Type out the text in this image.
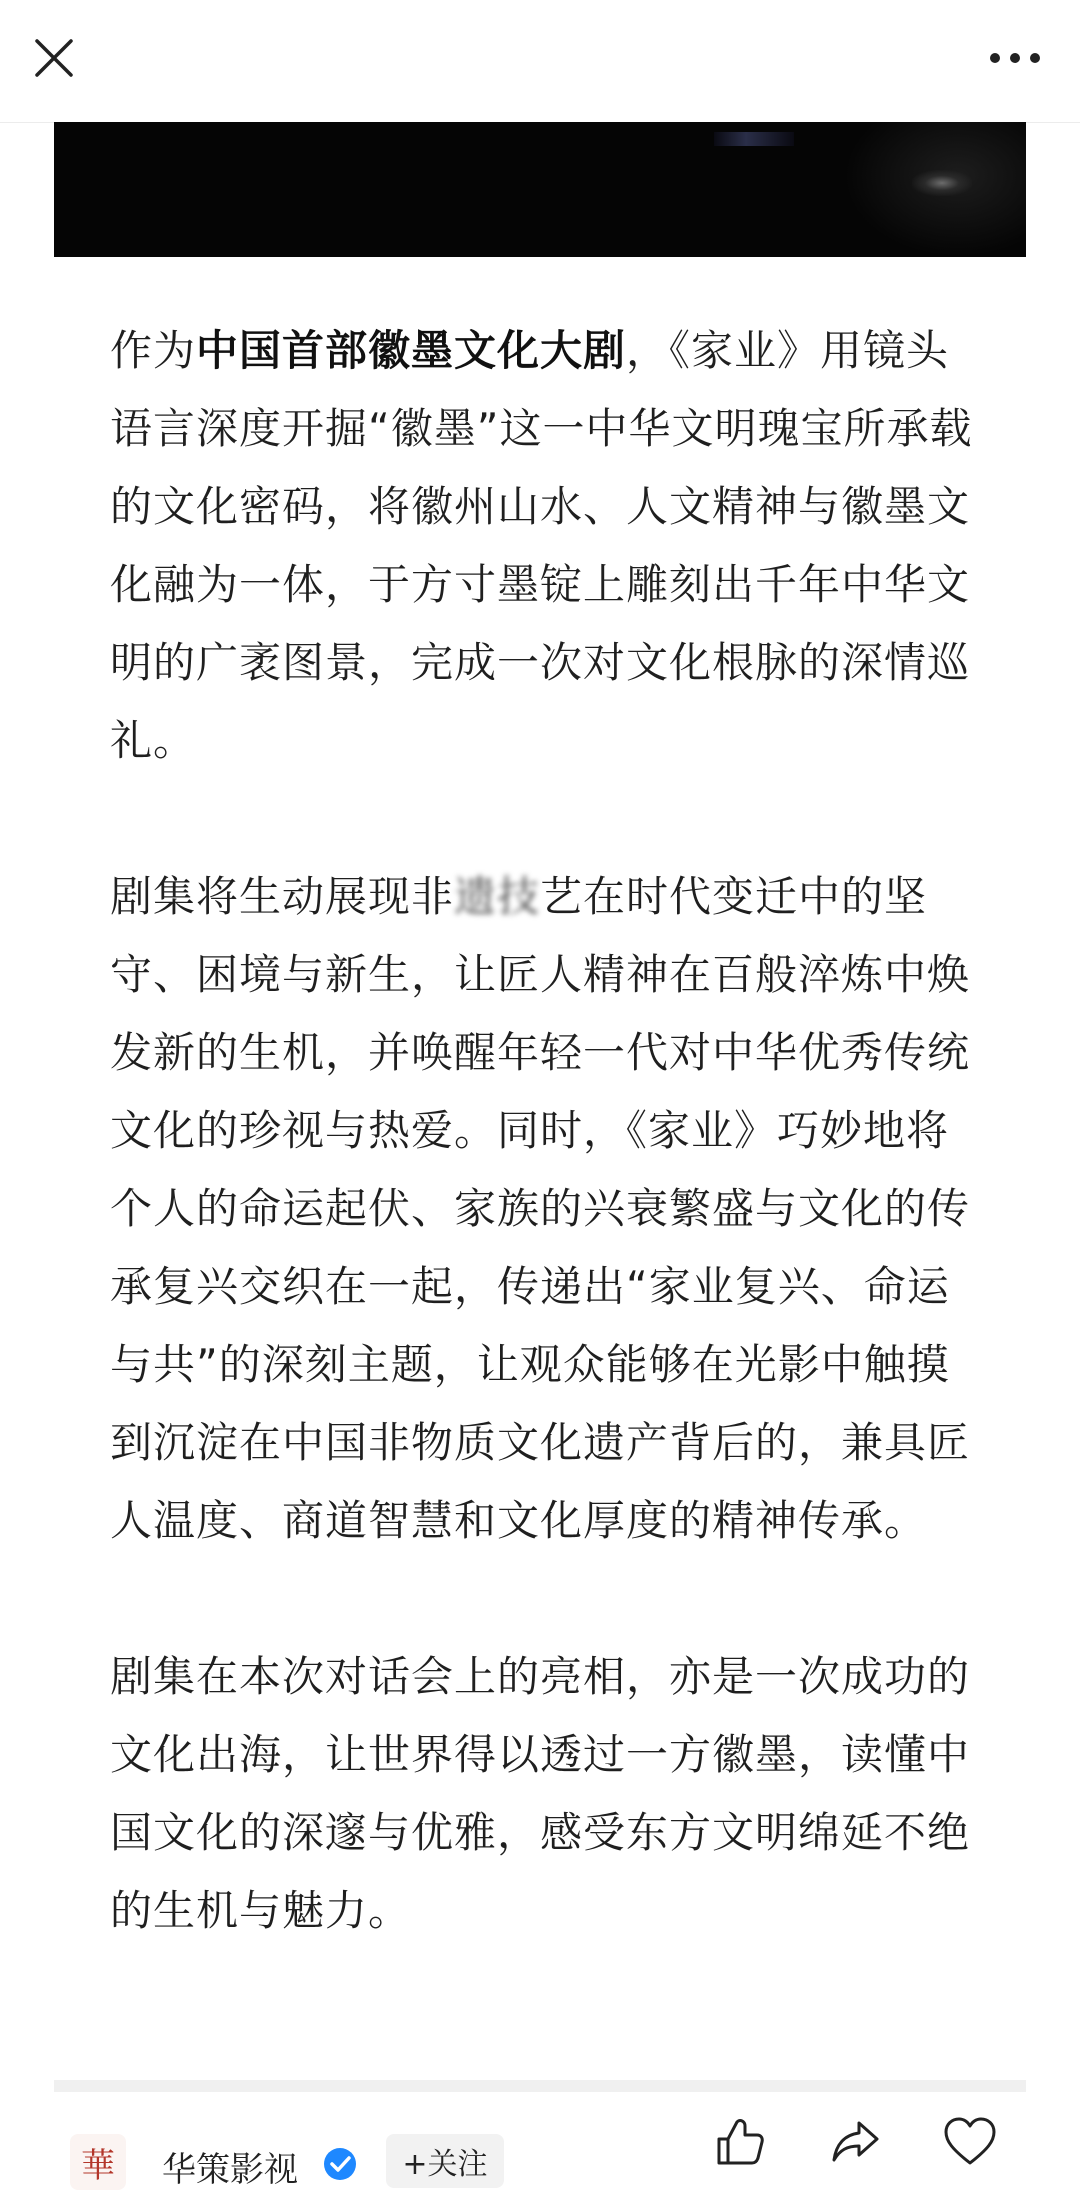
作为中国首部徽墨文化大剧，《家业》用镜头语言深度开掘“徽墨”这一中华文明瑰宝所承载的文化密码，将徽州山水、人文精神与徽墨文化融为一体，于方寸墨锭上雕刻出千年中华文明的广袤图景，完成一次对文化根脉的深情巡礼。

剧集将生动展现非遗技艺在时代变迁中的坚守、困境与新生，让匠人精神在百般淬炼中焕发新的生机，并唤醒年轻一代对中华优秀传统文化的珍视与热爱。同时，《家业》巧妙地将个人的命运起伏、家族的兴衰繁盛与文化的传承复兴交织在一起，传递出“家业复兴、命运与共”的深刻主题，让观众能够在光影中触摸到沉淀在中国非物质文化遗产背后的，兼具匠人温度、商道智慧和文化厚度的精神传承。

剧集在本次对话会上的亮相，亦是一次成功的文化出海，让世界得以透过一方徽墨，读懂中国文化的深邃与优雅，感受东方文明绵延不绝的生机与魅力。

華	华策影视	+关注
